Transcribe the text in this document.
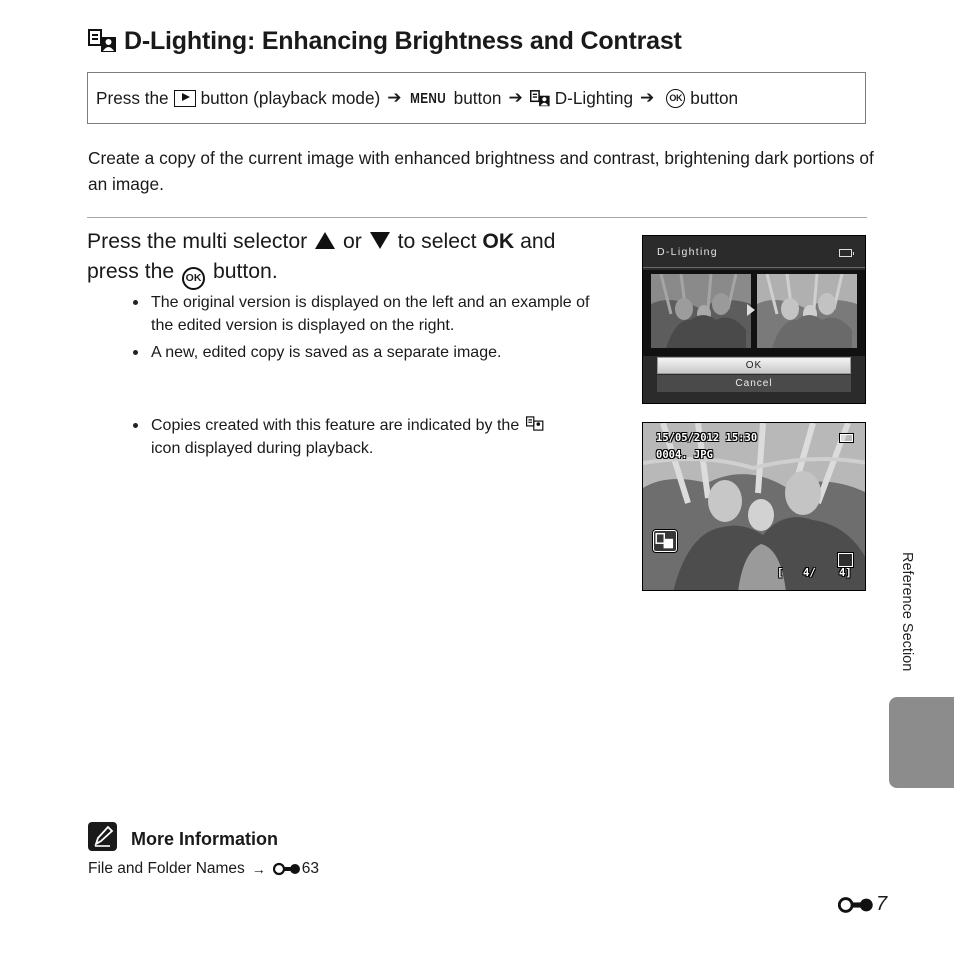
D-Lighting: Enhancing Brightness and Contrast
Press the button (playback mode) ➔ MENU button ➔ D-Lighting ➔	OK button
Create a copy of the current image with enhanced brightness and contrast, brightening dark portions of an image.
Press the multi selector or to select OK and
press the OK button.
The original version is displayed on the left and an example of the edited version is displayed on the right.
A new, edited copy is saved as a separate image.
Copies created with this feature are indicated by the
icon displayed during playback.
D-Lighting
OK
Cancel
15/05/2012 15:30
0004. JPG
[ 4/ 4]	Reference Section
More Information
File and Folder Names → 63
7
